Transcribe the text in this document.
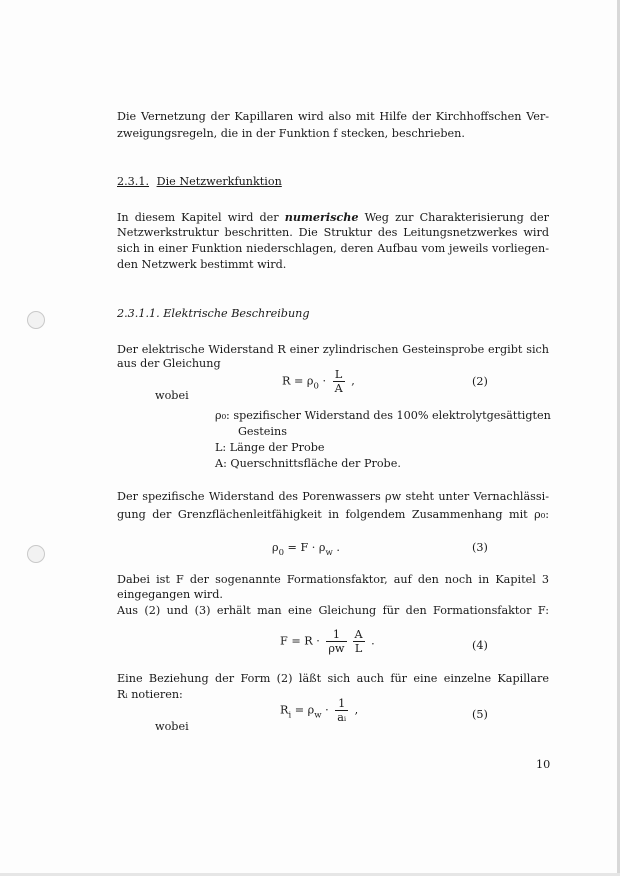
Die Vernetzung der Kapillaren wird also mit Hilfe der Kirchhoffschen Ver-
zweigungsregeln, die in der Funktion f stecken, beschrieben.
2.3.1. Die Netzwerkfunktion
In diesem Kapitel wird der numerische Weg zur Charakterisierung der
Netzwerkstruktur beschritten. Die Struktur des Leitungsnetzwerkes wird
sich in einer Funktion niederschlagen, deren Aufbau vom jeweils vorliegen-
den Netzwerk bestimmt wird.
2.3.1.1. Elektrische Beschreibung
Der elektrische Widerstand R einer zylindrischen Gesteinsprobe ergibt sich
aus der Gleichung
$R = \rho_0 \cdot \frac{L}{A}$ ,	(2)
wobei
ρ₀: spezifischer Widerstand des 100% elektrolytgesättigten
Gesteins
L: Länge der Probe
A: Querschnittsfläche der Probe.
Der spezifische Widerstand des Porenwassers ρw steht unter Vernachlässi-
gung der Grenzflächenleitfähigkeit in folgendem Zusammenhang mit ρ₀:
$\rho_0 = F \cdot \rho_w$ .	(3)
Dabei ist F der sogenannte Formationsfaktor, auf den noch in Kapitel 3
eingegangen wird.
Aus (2) und (3) erhält man eine Gleichung für den Formationsfaktor F:
$F = R \cdot \frac{1}{\rho w} \frac{A}{L}$ .	(4)
Eine Beziehung der Form (2) läßt sich auch für eine einzelne Kapillare
Rᵢ notieren:
$R_i = \rho_w \cdot \frac{1}{\text{aᵢ}}$ ,	(5)
wobei
10
